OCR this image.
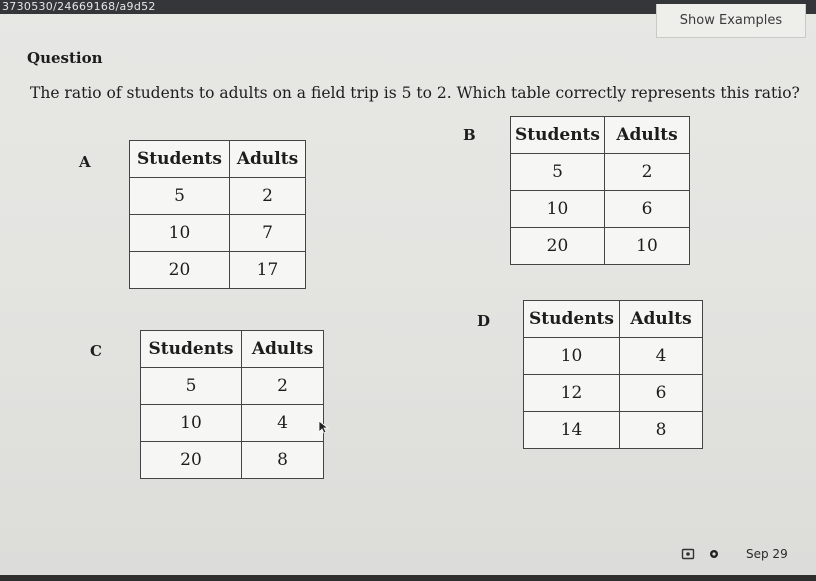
3730530/24669168/a9d52
Show Examples
Question
The ratio of students to adults on a field trip is 5 to 2. Which table correctly represents this ratio?
A	Students	Adults
5	2
10	7
20	17
B Students	Adults
5	2
10	6
20	10
C	Students	Adults
5	2
10	4
20	8
D Students	Adults
10	4
12	6
14	8
Sep 29
